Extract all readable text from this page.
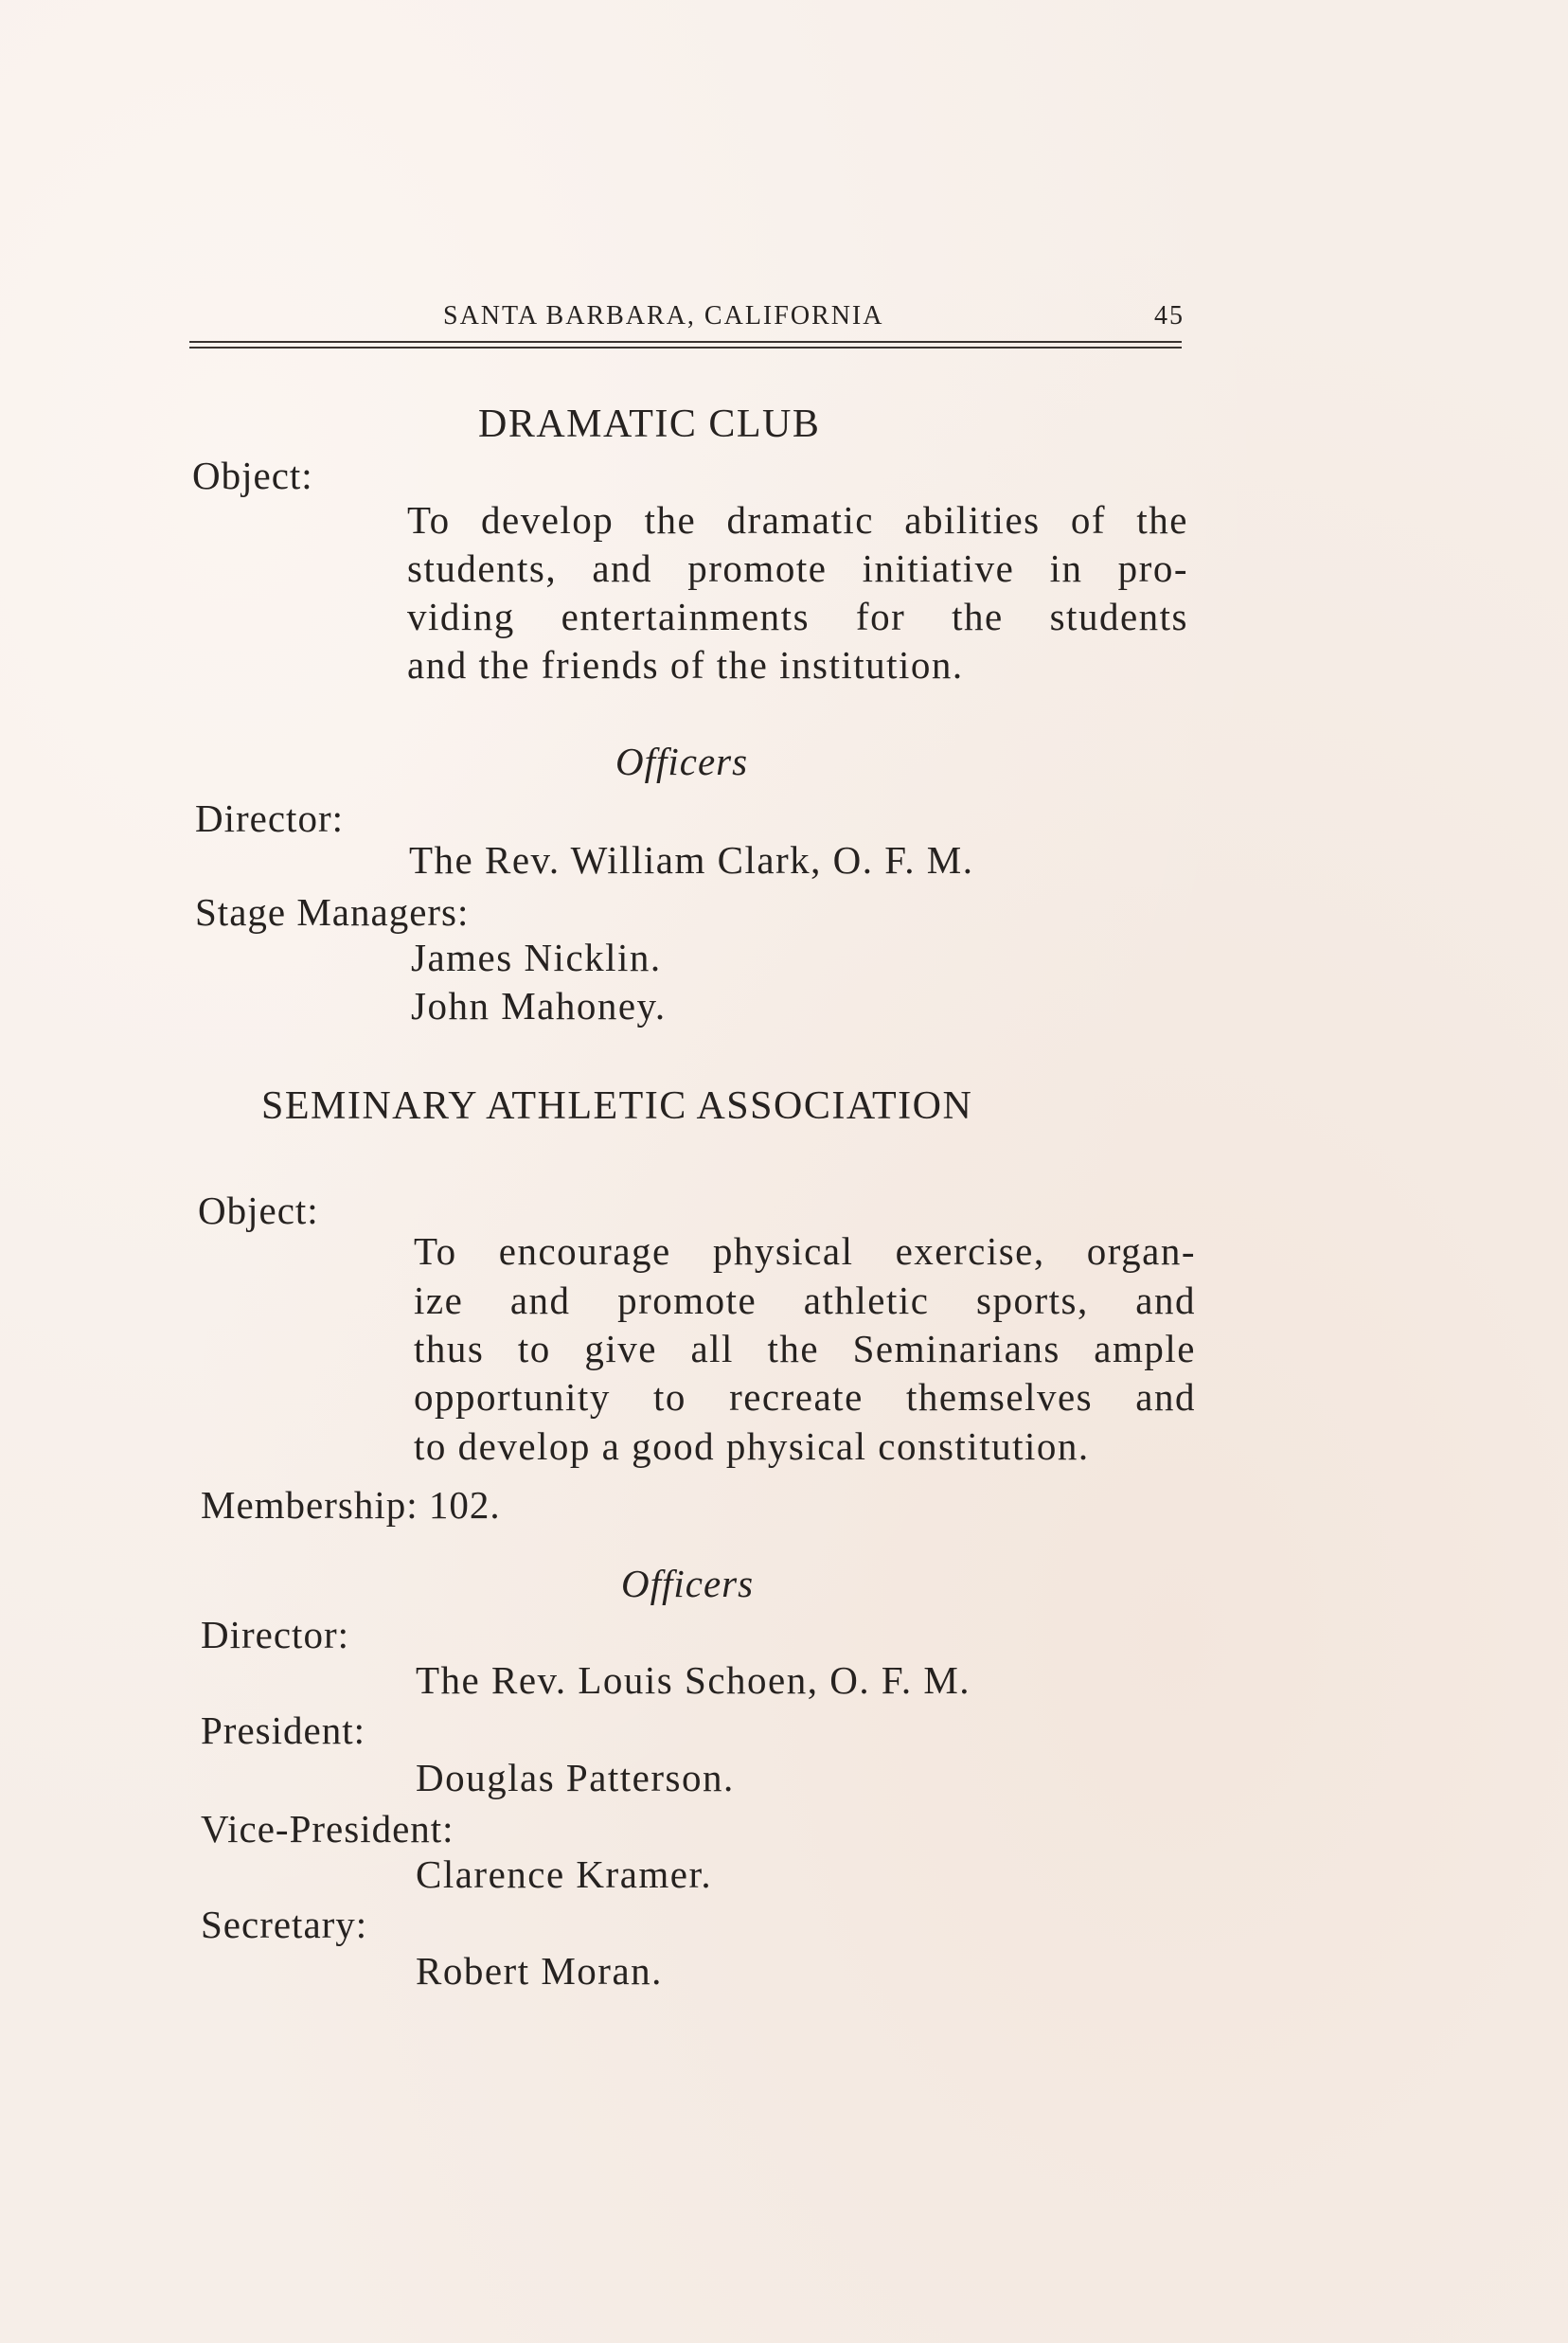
SANTA BARBARA, CALIFORNIA	45
DRAMATIC CLUB
Object:
To develop the dramatic abilities of the
students, and promote initiative in pro-
viding entertainments for the students
and the friends of the institution.
Officers
Director:
The Rev. William Clark, O. F. M.
Stage Managers:
James Nicklin.
John Mahoney.
SEMINARY ATHLETIC ASSOCIATION
Object:
To encourage physical exercise, organ-
ize and promote athletic sports, and
thus to give all the Seminarians ample
opportunity to recreate themselves and
to develop a good physical constitution.
Membership: 102.
Officers
Director:
The Rev. Louis Schoen, O. F. M.
President:
Douglas Patterson.
Vice-President:
Clarence Kramer.
Secretary:
Robert Moran.
